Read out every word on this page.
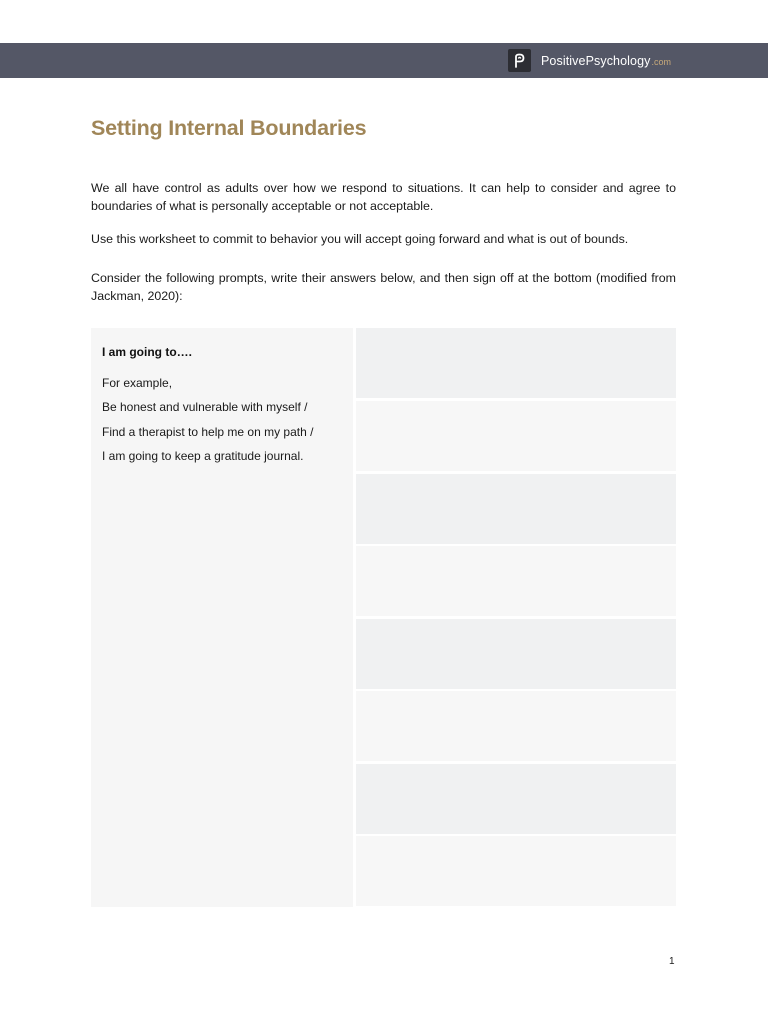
PositivePsychology .com
Setting Internal Boundaries

We all have control as adults over how we respond to situations. It can help to consider and agree to boundaries of what is personally acceptable or not acceptable.

Use this worksheet to commit to behavior you will accept going forward and what is out of bounds.

Consider the following prompts, write their answers below, and then sign off at the bottom (modified from Jackman, 2020):

I am going to….

For example,

Be honest and vulnerable with myself /

Find a therapist to help me on my path /

I am going to keep a gratitude journal.

1
